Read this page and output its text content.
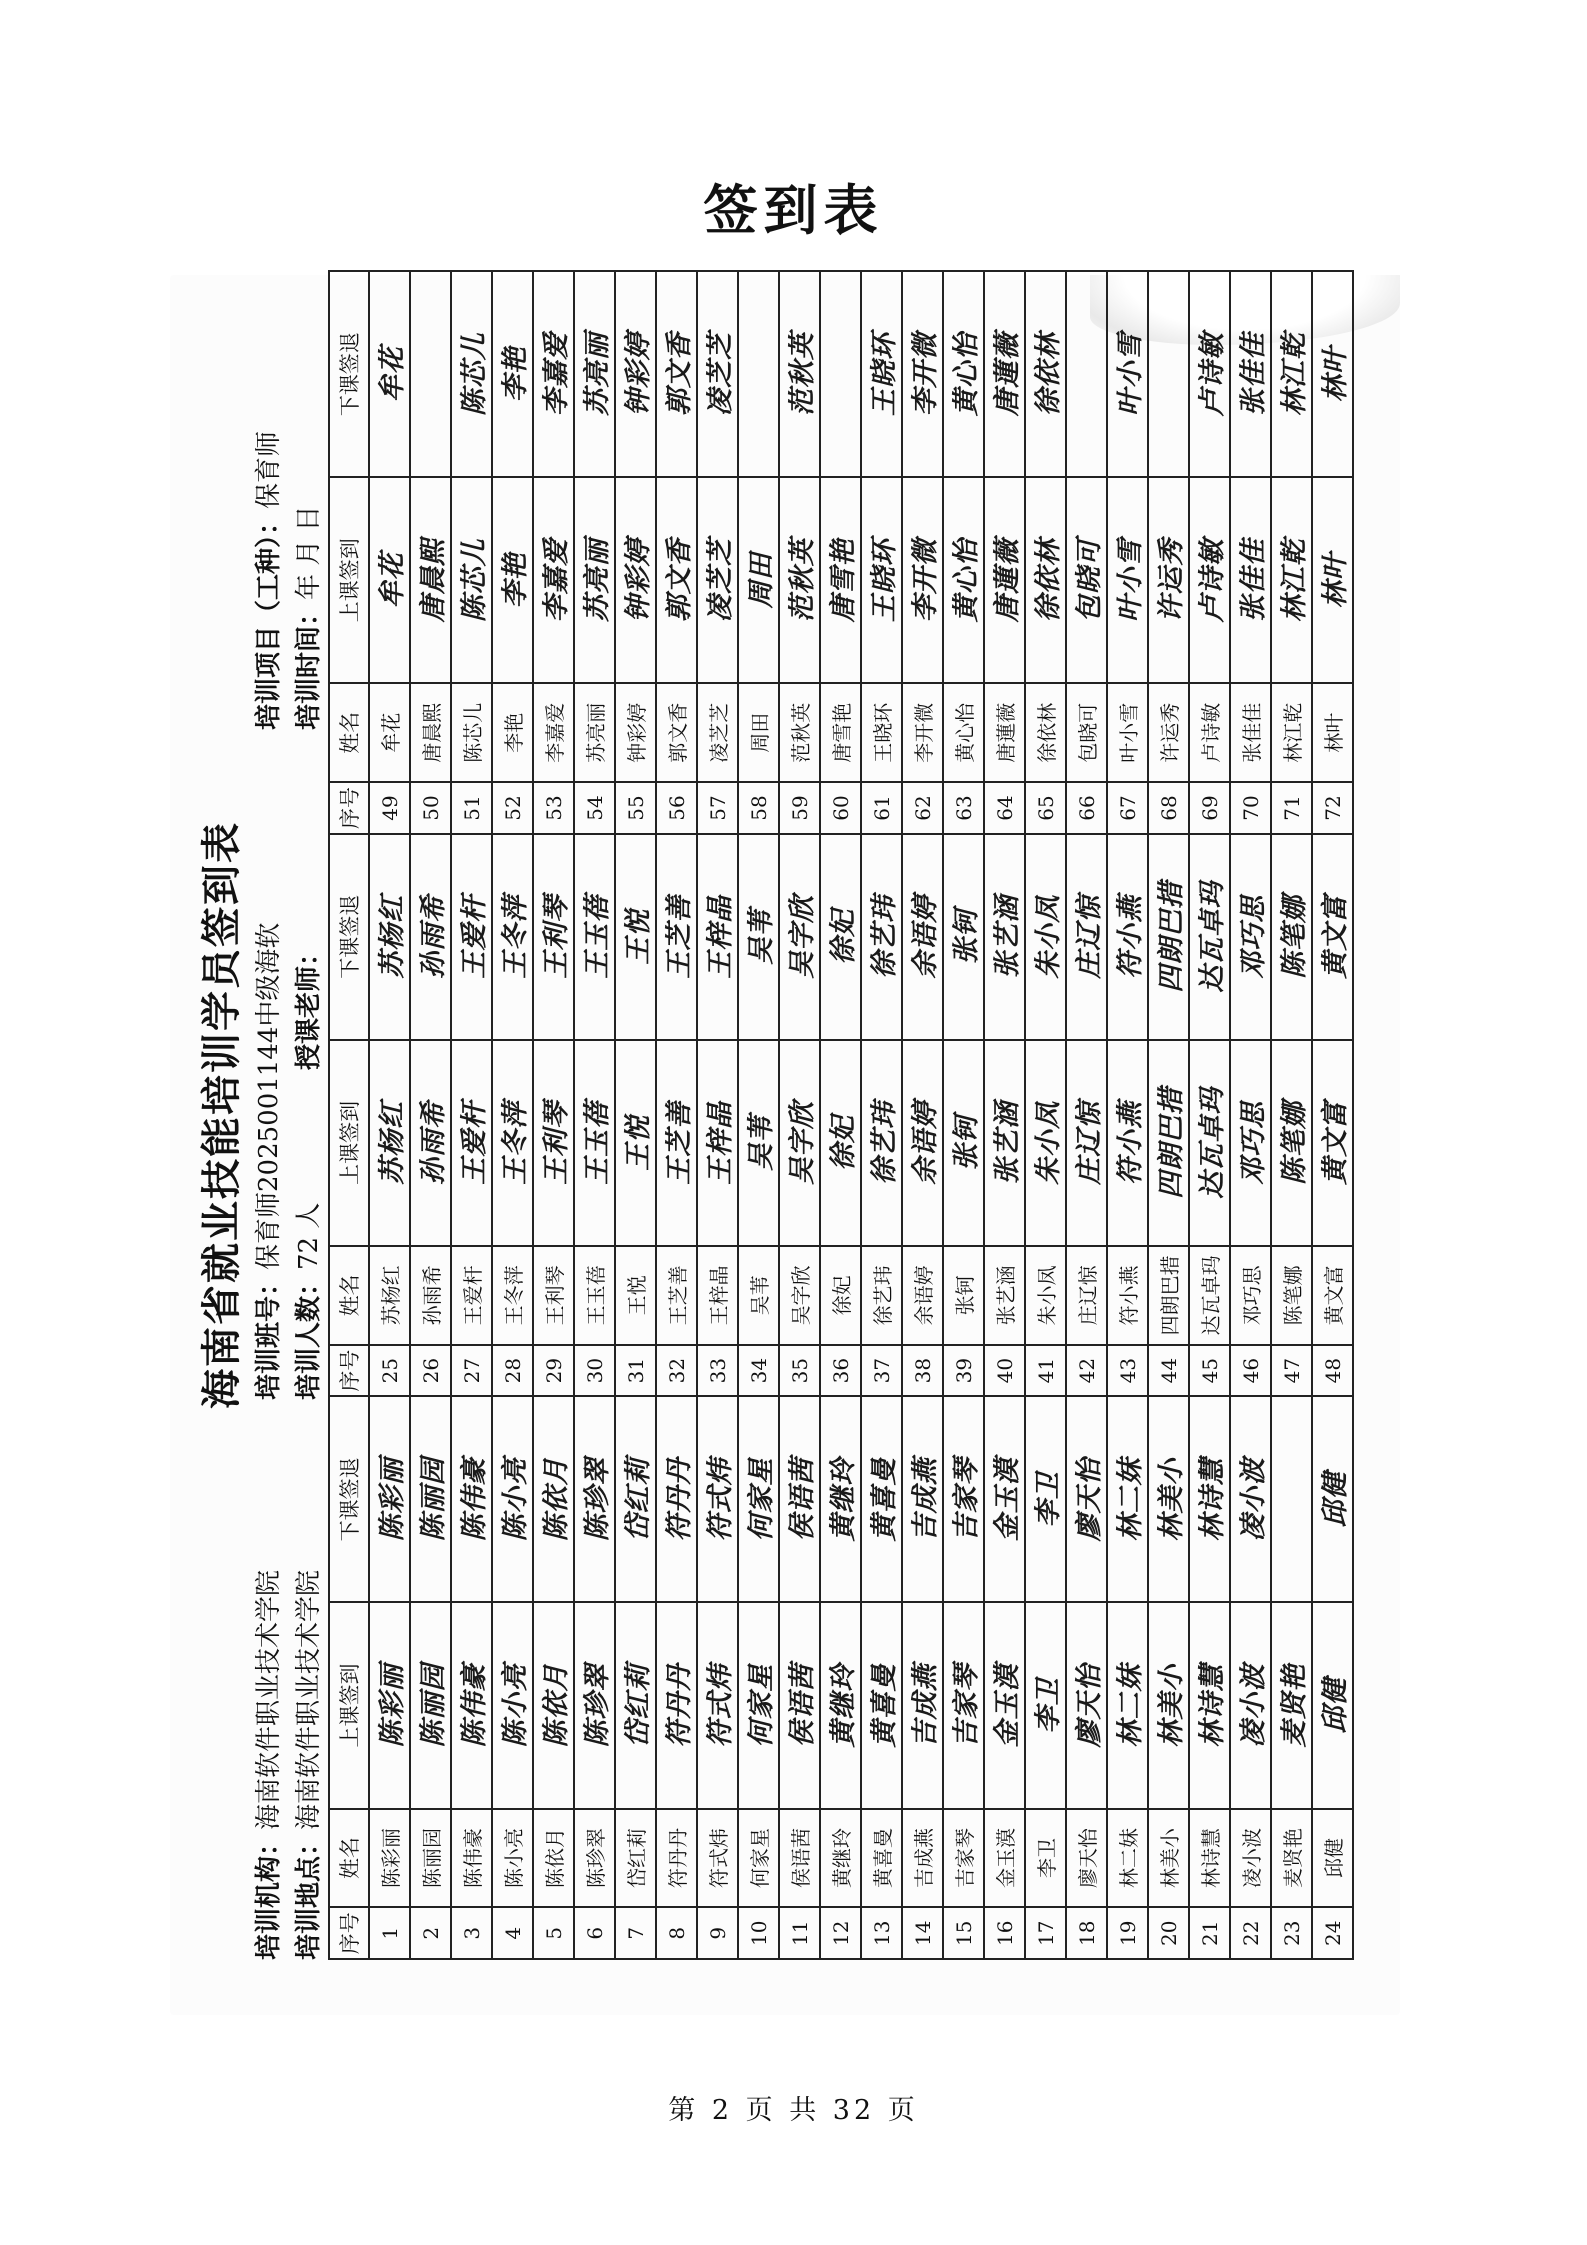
签到表
海南省就业技能培训学员签到表
培训机构：海南软件职业技术学院
培训地点：海南软件职业技术学院
培训班号：保育师2025001144中级海软
培训人数：72 人
授课老师：
培训项目（工种）：保育师
培训时间：年 月 日
序号	姓名	上课签到	下课签退	序号	姓名	上课签到	下课签退	序号	姓名	上课签到	下课签退
1	陈彩丽	陈彩丽	陈彩丽	25	苏杨红	苏杨红	苏杨红	49	牟花	牟花	牟花
2	陈丽园	陈丽园	陈丽园	26	孙雨希	孙雨希	孙雨希	50	唐晨熙	唐晨熙	
3	陈伟豪	陈伟豪	陈伟豪	27	王爱杆	王爱杆	王爱杆	51	陈芯儿	陈芯儿	陈芯儿
4	陈小亮	陈小亮	陈小亮	28	王冬萍	王冬萍	王冬萍	52	李艳	李艳	李艳
5	陈依月	陈依月	陈依月	29	王利琴	王利琴	王利琴	53	李嘉爱	李嘉爱	李嘉爱
6	陈珍翠	陈珍翠	陈珍翠	30	王玉蓓	王玉蓓	王玉蓓	54	苏亮丽	苏亮丽	苏亮丽
7	岱红莉	岱红莉	岱红莉	31	王悦	王悦	王悦	55	钟彩婷	钟彩婷	钟彩婷
8	符丹丹	符丹丹	符丹丹	32	王芝善	王芝善	王芝善	56	郭文香	郭文香	郭文香
9	符式炜	符式炜	符式炜	33	王梓晶	王梓晶	王梓晶	57	凌芝芝	凌芝芝	凌芝芝
10	何家星	何家星	何家星	34	吴苇	吴苇	吴苇	58	周田	周田	
11	侯语茜	侯语茜	侯语茜	35	吴字欣	吴字欣	吴字欣	59	范秋英	范秋英	范秋英
12	黄继玲	黄继玲	黄继玲	36	徐妃	徐妃	徐妃	60	唐雪艳	唐雪艳	
13	黄喜曼	黄喜曼	黄喜曼	37	徐艺玮	徐艺玮	徐艺玮	61	王晓环	王晓环	王晓环
14	吉成燕	吉成燕	吉成燕	38	余语婷	余语婷	余语婷	62	李开微	李开微	李开微
15	吉家琴	吉家琴	吉家琴	39	张钶	张钶	张钶	63	黄心怡	黄心怡	黄心怡
16	金玉漠	金玉漠	金玉漠	40	张艺涵	张艺涵	张艺涵	64	唐蓮薇	唐蓮薇	唐蓮薇
17	李卫	李卫	李卫	41	朱小凤	朱小凤	朱小凤	65	徐依林	徐依林	徐依林
18	廖天怡	廖天怡	廖天怡	42	庄辽惊	庄辽惊	庄辽惊	66	包晓可	包晓可	
19	林二妹	林二妹	林二妹	43	符小燕	符小燕	符小燕	67	叶小雪	叶小雪	叶小雪
20	林美小	林美小	林美小	44	四朗巴措	四朗巴措	四朗巴措	68	许运秀	许运秀	
21	林诗慧	林诗慧	林诗慧	45	达瓦卓玛	达瓦卓玛	达瓦卓玛	69	卢诗敏	卢诗敏	卢诗敏
22	凌小波	凌小波	凌小波	46	邓巧思	邓巧思	邓巧思	70	张佳佳	张佳佳	张佳佳
23	麦贤艳	麦贤艳		47	陈笔娜	陈笔娜	陈笔娜	71	林江乾	林江乾	林江乾
24	邱健	邱健	邱健	48	黄文富	黄文富	黄文富	72	林叶	林叶	林叶
第 2 页 共 32 页
